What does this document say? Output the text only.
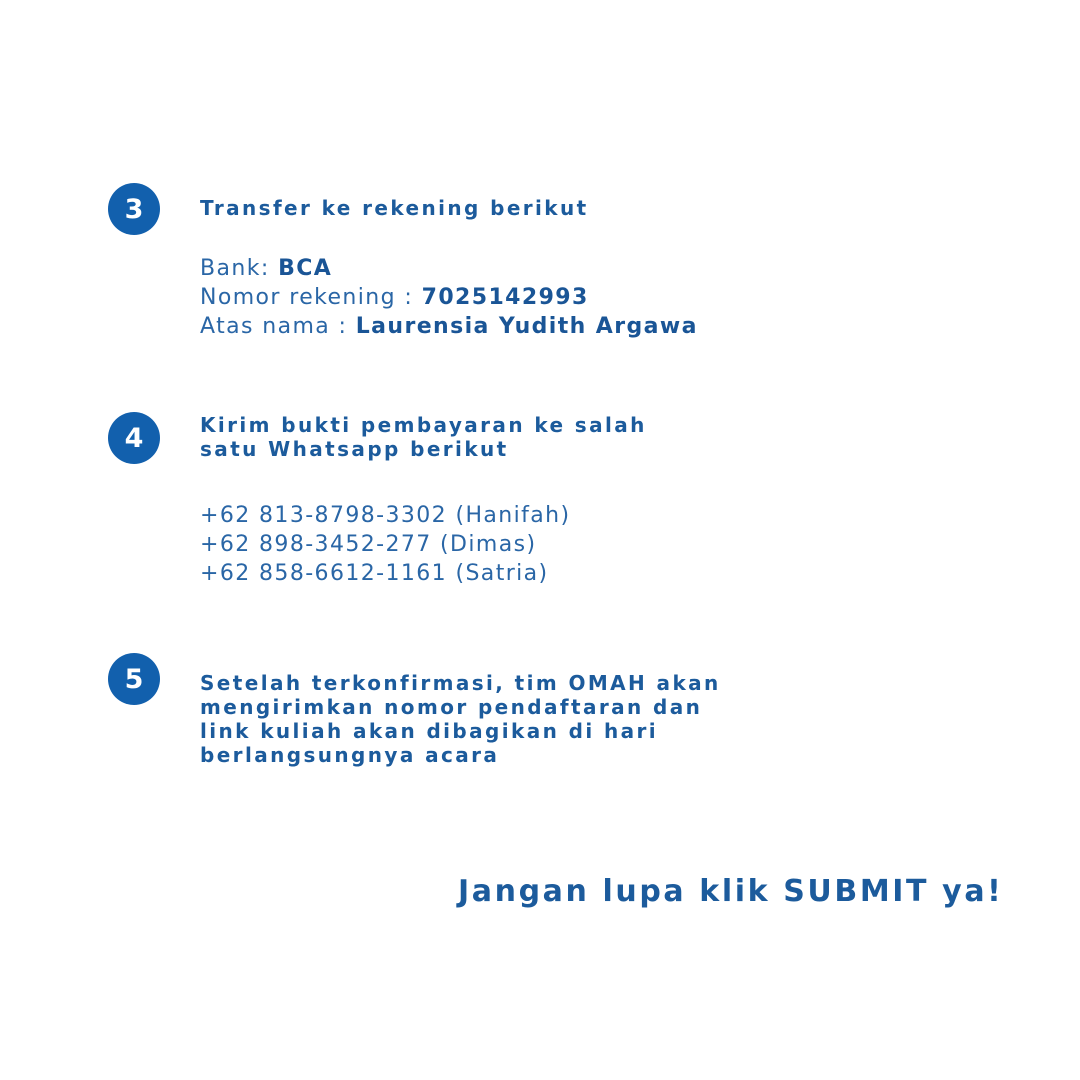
3	Transfer ke rekening berikut
Bank: BCA
Nomor rekening : 7025142993
Atas nama : Laurensia Yudith Argawa
4	Kirim bukti pembayaran ke salah
satu Whatsapp berikut
+62 813-8798-3302 (Hanifah)
+62 898-3452-277 (Dimas)
+62 858-6612-1161 (Satria)
5	Setelah terkonfirmasi, tim OMAH akan
mengirimkan nomor pendaftaran dan
link kuliah akan dibagikan di hari
berlangsungnya acara
Jangan lupa klik SUBMIT ya!
